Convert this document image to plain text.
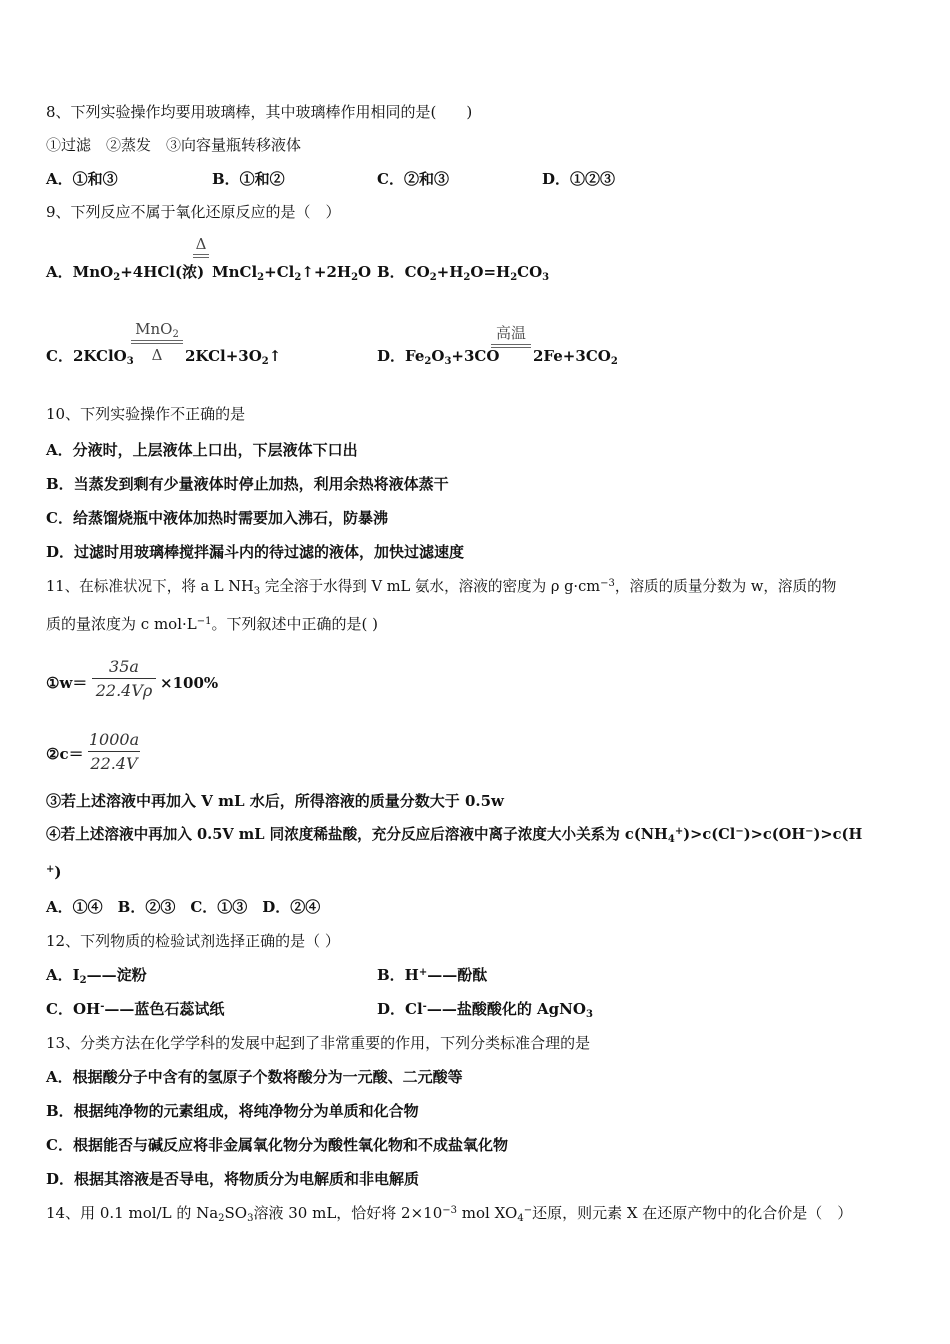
8、下列实验操作均要用玻璃棒，其中玻璃棒作用相同的是(　　)
①过滤　②蒸发　③向容量瓶转移液体
A．①和③	B．①和②	C．②和③	D．①②③
9、下列反应不属于氧化还原反应的是（　）
A．MnO$_2$+4HCl(浓)
Δ
$MnCl_2+Cl_2↑+2H_2O$ B．$CO_2+H_2O=H_2CO_3$
C．2KClO$_3$
MnO$_2$
Δ	$2KCl+3O_2↑$	D．$Fe_2O_3+3CO$
高温
$2Fe+3CO_2$
10、下列实验操作不正确的是
A．分液时，上层液体上口出，下层液体下口出
B．当蒸发到剩有少量液体时停止加热，利用余热将液体蒸干
C．给蒸馏烧瓶中液体加热时需要加入沸石，防暴沸
D．过滤时用玻璃棒搅拌漏斗内的待过滤的液体，加快过滤速度
11、在标准状况下，将 a L $NH_3$ 完全溶于水得到 V mL 氨水，溶液的密度为 ρ $g\cdot cm^{-3}$，溶质的质量分数为 w，溶质的物
质的量浓度为 c $mol\cdot L^{-1}$。下列叙述中正确的是( )
①w＝
35a
22.4Vρ ×100%
②c＝
1000a
22.4V
③若上述溶液中再加入 V mL 水后，所得溶液的质量分数大于 0.5w
④若上述溶液中再加入 0.5V mL 同浓度稀盐酸，充分反应后溶液中离子浓度大小关系为 $c(NH_4^+)>c(Cl^-)>c(OH^-)>c(H$
+)
A．①④　B．②③　C．①③　D．②④
12、下列物质的检验试剂选择正确的是（ ）
A．$I_2——$淀粉	B．H+——酚酞
C．OH-——蓝色石蕊试纸	D．Cl-——盐酸酸化的 AgNO$_3$
13、分类方法在化学学科的发展中起到了非常重要的作用，下列分类标准合理的是
A．根据酸分子中含有的氢原子个数将酸分为一元酸、二元酸等
B．根据纯净物的元素组成，将纯净物分为单质和化合物
C．根据能否与碱反应将非金属氧化物分为酸性氧化物和不成盐氧化物
D．根据其溶液是否导电，将物质分为电解质和非电解质
14、用 0.1 mol/L 的 $Na_2SO_3$溶液 30 mL，恰好将 $2\times 10^{-3}$ mol $XO_4^-$还原，则元素 X 在还原产物中的化合价是（　）
